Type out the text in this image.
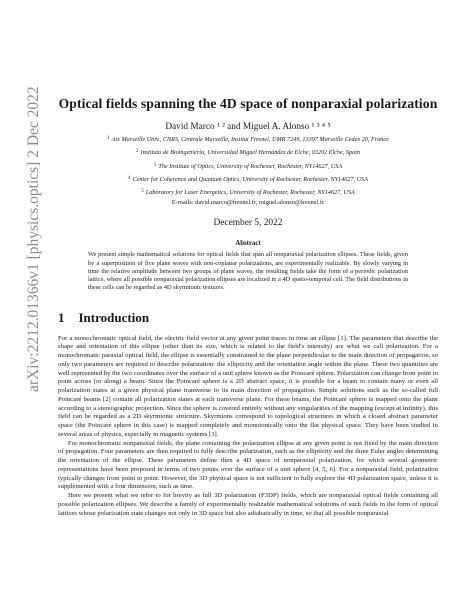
arXiv:2212.01366v1 [physics.optics] 2 Dec 2022 Optical fields spanning the 4D space of nonparaxial polarization
David Marco ¹ ² and Miguel A. Alonso ¹ ³ ⁴ ⁵
$^1$ Aix Marseille Univ., CNRS, Centrale Marseille, Institut Fresnel, UMR 7249, 13397 Marseille Cedex 20, France
$^2$ Instituto de Bioingeniería, Universidad Miguel Hernández de Elche, 03202 Elche, Spain
$^3$ The Institute of Optics, University of Rochester, Rochester, NY14627, USA
$^4$ Center for Coherence and Quantum Optics, University of Rochester, Rochester, NY14627, USA
$^5$ Laboratory for Laser Energetics, University of Rochester, Rochester, NY14627, USA
E-mails: david.marco@fresnel.fr, miguel.alonso@fresnel.fr
December 5, 2022
Abstract
We present simple mathematical solutions for optical fields that span all nonparaxial polarization ellipses. These fields, given by a superposition of five plane waves with non-coplanar polarizations, are experimentally realizable. By slowly varying in time the relative amplitude between two groups of plane waves, the resulting fields take the form of a periodic polarization lattice, where all possible nonparaxial polarization ellipses are localized in a 4D spatio-temporal cell. The field distributions in these cells can be regarded as 4D skyrmionic textures.
1 Introduction

For a monochromatic optical field, the electric field vector at any given point traces in time an ellipse [1]. The parameters that describe the shape and orientation of this ellipse (other than its size, which is related to the field's intensity) are what we call polarization. For a monochromatic paraxial optical field, the ellipse is essentially constrained to the plane perpendicular to the main direction of propagation, so only two parameters are required to describe polarization: the ellipticity and the orientation angle within the plane. These two quantities are well represented by the two coordinates over the surface of a unit sphere known as the Poincaré sphere. Polarization can change from point to point across (or along) a beam. Since the Poincaré sphere is a 2D abstract space, it is possible for a beam to contain many or even all polarization states at a given physical plane transverse to its main direction of propagation. Simple solutions such as the so-called full Poincaré beams [2] contain all polarization states at each transverse plane. For these beams, the Poincaré sphere is mapped onto the plane according to a stereographic projection. Since the sphere is covered entirely without any singularities of the mapping (except at infinity), this field can be regarded as a 2D skyrmionic structure. Skyrmions correspond to topological structures in which a closed abstract parameter space (the Poincaré sphere in this case) is mapped completely and monotonically onto the flat physical space. They have been studied in several areas of physics, especially in magnetic systems [3].

For monochromatic nonparaxial fields, the plane containing the polarization ellipse at any given point is not fixed by the main direction of propagation. Four parameters are then required to fully describe polarization, such as the ellipticity and the three Euler angles determining the orientation of the ellipse. These parameters define then a 4D space of nonparaxial polarization, for which several geometric representations have been proposed in terms of two points over the surface of a unit sphere [4, 5, 6]. For a nonparaxial field, polarization typically changes from point to point. However, the 3D physical space is not sufficient to fully explore the 4D polarization space, unless it is supplemented with a four dimension, such as time.

Here we present what we refer to for brevity as full 3D polarization (F3DP) fields, which are nonparaxial optical fields containing all possible polarization ellipses. We describe a family of experimentally realizable mathematical solutions of such fields in the form of optical lattices whose polarization state changes not only in 3D space but also adiabatically in time, so that all possible nonparaxial
